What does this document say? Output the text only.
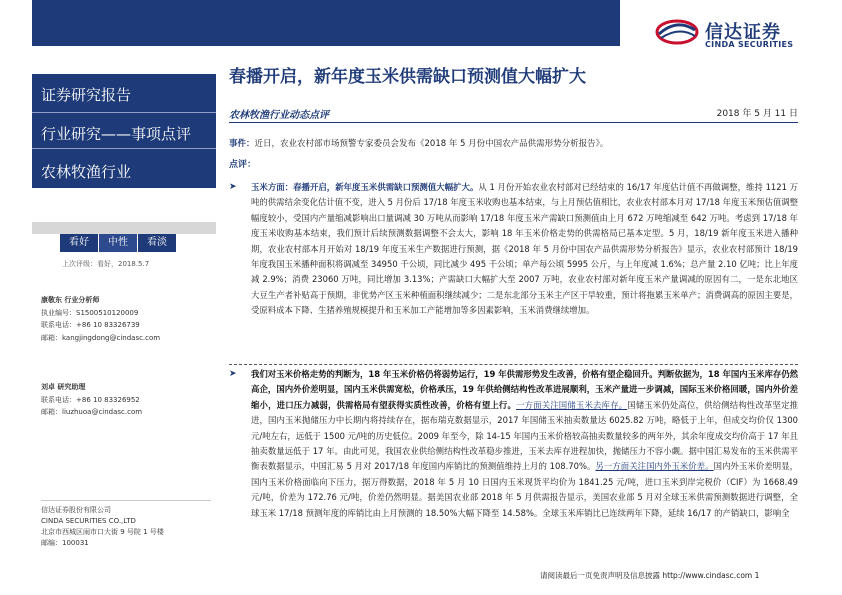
信达证券
CINDA SECURITIES
证券研究报告
行业研究——事项点评
农林牧渔行业
看好	中性	看淡
上次评级：看好，2018.5.7
康敬东 行业分析师
执业编号：S1500510120009
联系电话：+86 10 83326739
邮箱：kangjingdong@cindasc.com
刘卓 研究助理
联系电话：+86 10 83326952
邮箱：liuzhuoa@cindasc.com
信达证券股份有限公司
CINDA SECURITIES CO.,LTD
北京市西城区闹市口大街 9 号院 1 号楼
邮编：100031
春播开启，新年度玉米供需缺口预测值大幅扩大
农林牧渔行业动态点评	2018 年 5 月 11 日
事件：近日，农业农村部市场预警专家委员会发布《2018 年 5 月份中国农产品供需形势分析报告》。
点评：
➤ 玉米方面：春播开启，新年度玉米供需缺口预测值大幅扩大。从 1 月份开始农业农村部对已经结束的 16/17 年度估计值不再做调整，维持 1121 万吨的供需结余变化估计值不变，进入 5 月份后 17/18 年度玉米收购也基本结束，与上月预估值相比，农业农村部本月对 17/18 年度玉米预估值调整幅度较小，受国内产量缩减影响出口量调减 30 万吨从而影响 17/18 年度玉米产需缺口预测值由上月 672 万吨缩减至 642 万吨。考虑到 17/18 年度玉米收购基本结束，我们预计后续预测数据调整不会太大，影响 18 年玉米价格走势的供需格局已基本定型。5 月，18/19 新年度玉米进入播种期，农业农村部本月开始对 18/19 年度玉米生产数据进行预测，据《2018 年 5 月份中国农产品供需形势分析报告》显示，农业农村部预计 18/19 年度我国玉米播种面积将调减至 34950 千公顷，同比减少 495 千公顷；单产每公顷 5995 公斤，与上年度减 1.6%；总产量 2.10 亿吨；比上年度减 2.9%；消费 23060 万吨，同比增加 3.13%；产需缺口大幅扩大至 2007 万吨，农业农村部对新年度玉米产量调减的原因有二，一是东北地区大豆生产者补贴高于预期，非优势产区玉米种植面积继续减少；二是东北部分玉米主产区干旱较重，预计将拖累玉米单产；消费调高的原因主要是，受原料成本下降、生猪养殖规模提升和玉米加工产能增加等多因素影响，玉米消费继续增加。
➤ 我们对玉米价格走势的判断为，18 年玉米价格仍将弱势运行，19 年供需形势发生改善，价格有望企稳回升。判断依据为，18 年国内玉米库存仍然高企，国内外价差明显，国内玉米供需宽松，价格承压，19 年供给侧结构性改革进展顺利，玉米产量进一步调减，国际玉米价格回暖，国内外价差缩小，进口压力减弱，供需格局有望获得实质性改善，价格有望上行。一方面关注国储玉米去库存。国储玉米仍处高位，供给侧结构性改革坚定推进，国内玉米抛储压力中长期内将持续存在，据布瑞克数据显示，2017 年国储玉米抽卖数量达 6025.82 万吨，略低于上年，但成交均价仅 1300 元/吨左右，远低于 1500 元/吨的历史低位。2009 年至今，除 14-15 年国内玉米价格较高抽卖数量较多的两年外，其余年度成交均价高于 17 年且抽卖数量远低于 17 年。由此可见，我国农业供给侧结构性改革稳步推进，玉米去库存进程加快，抛储压力不容小觑。据中国汇易发布的玉米供需平衡表数据显示，中国汇易 5 月对 2017/18 年度国内库销比的预测值维持上月的 108.70%。另一方面关注国内外玉米价差。国内外玉米价差明显，国内玉米价格面临向下压力，据万得数据，2018 年 5 月 10 日国内玉米现货平均价为 1841.25 元/吨，进口玉米到岸完税价（CIF）为 1668.49 元/吨，价差为 172.76 元/吨，价差仍然明显。据美国农业部 2018 年 5 月供需报告显示，美国农业部 5 月对全球玉米供需预测数据进行调整，全球玉米 17/18 预测年度的库销比由上月预测的 18.50%大幅下降至 14.58%。全球玉米库销比已连续两年下降，延续 16/17 的产销缺口，影响全
请阅读最后一页免责声明及信息披露 http://www.cindasc.com 1
